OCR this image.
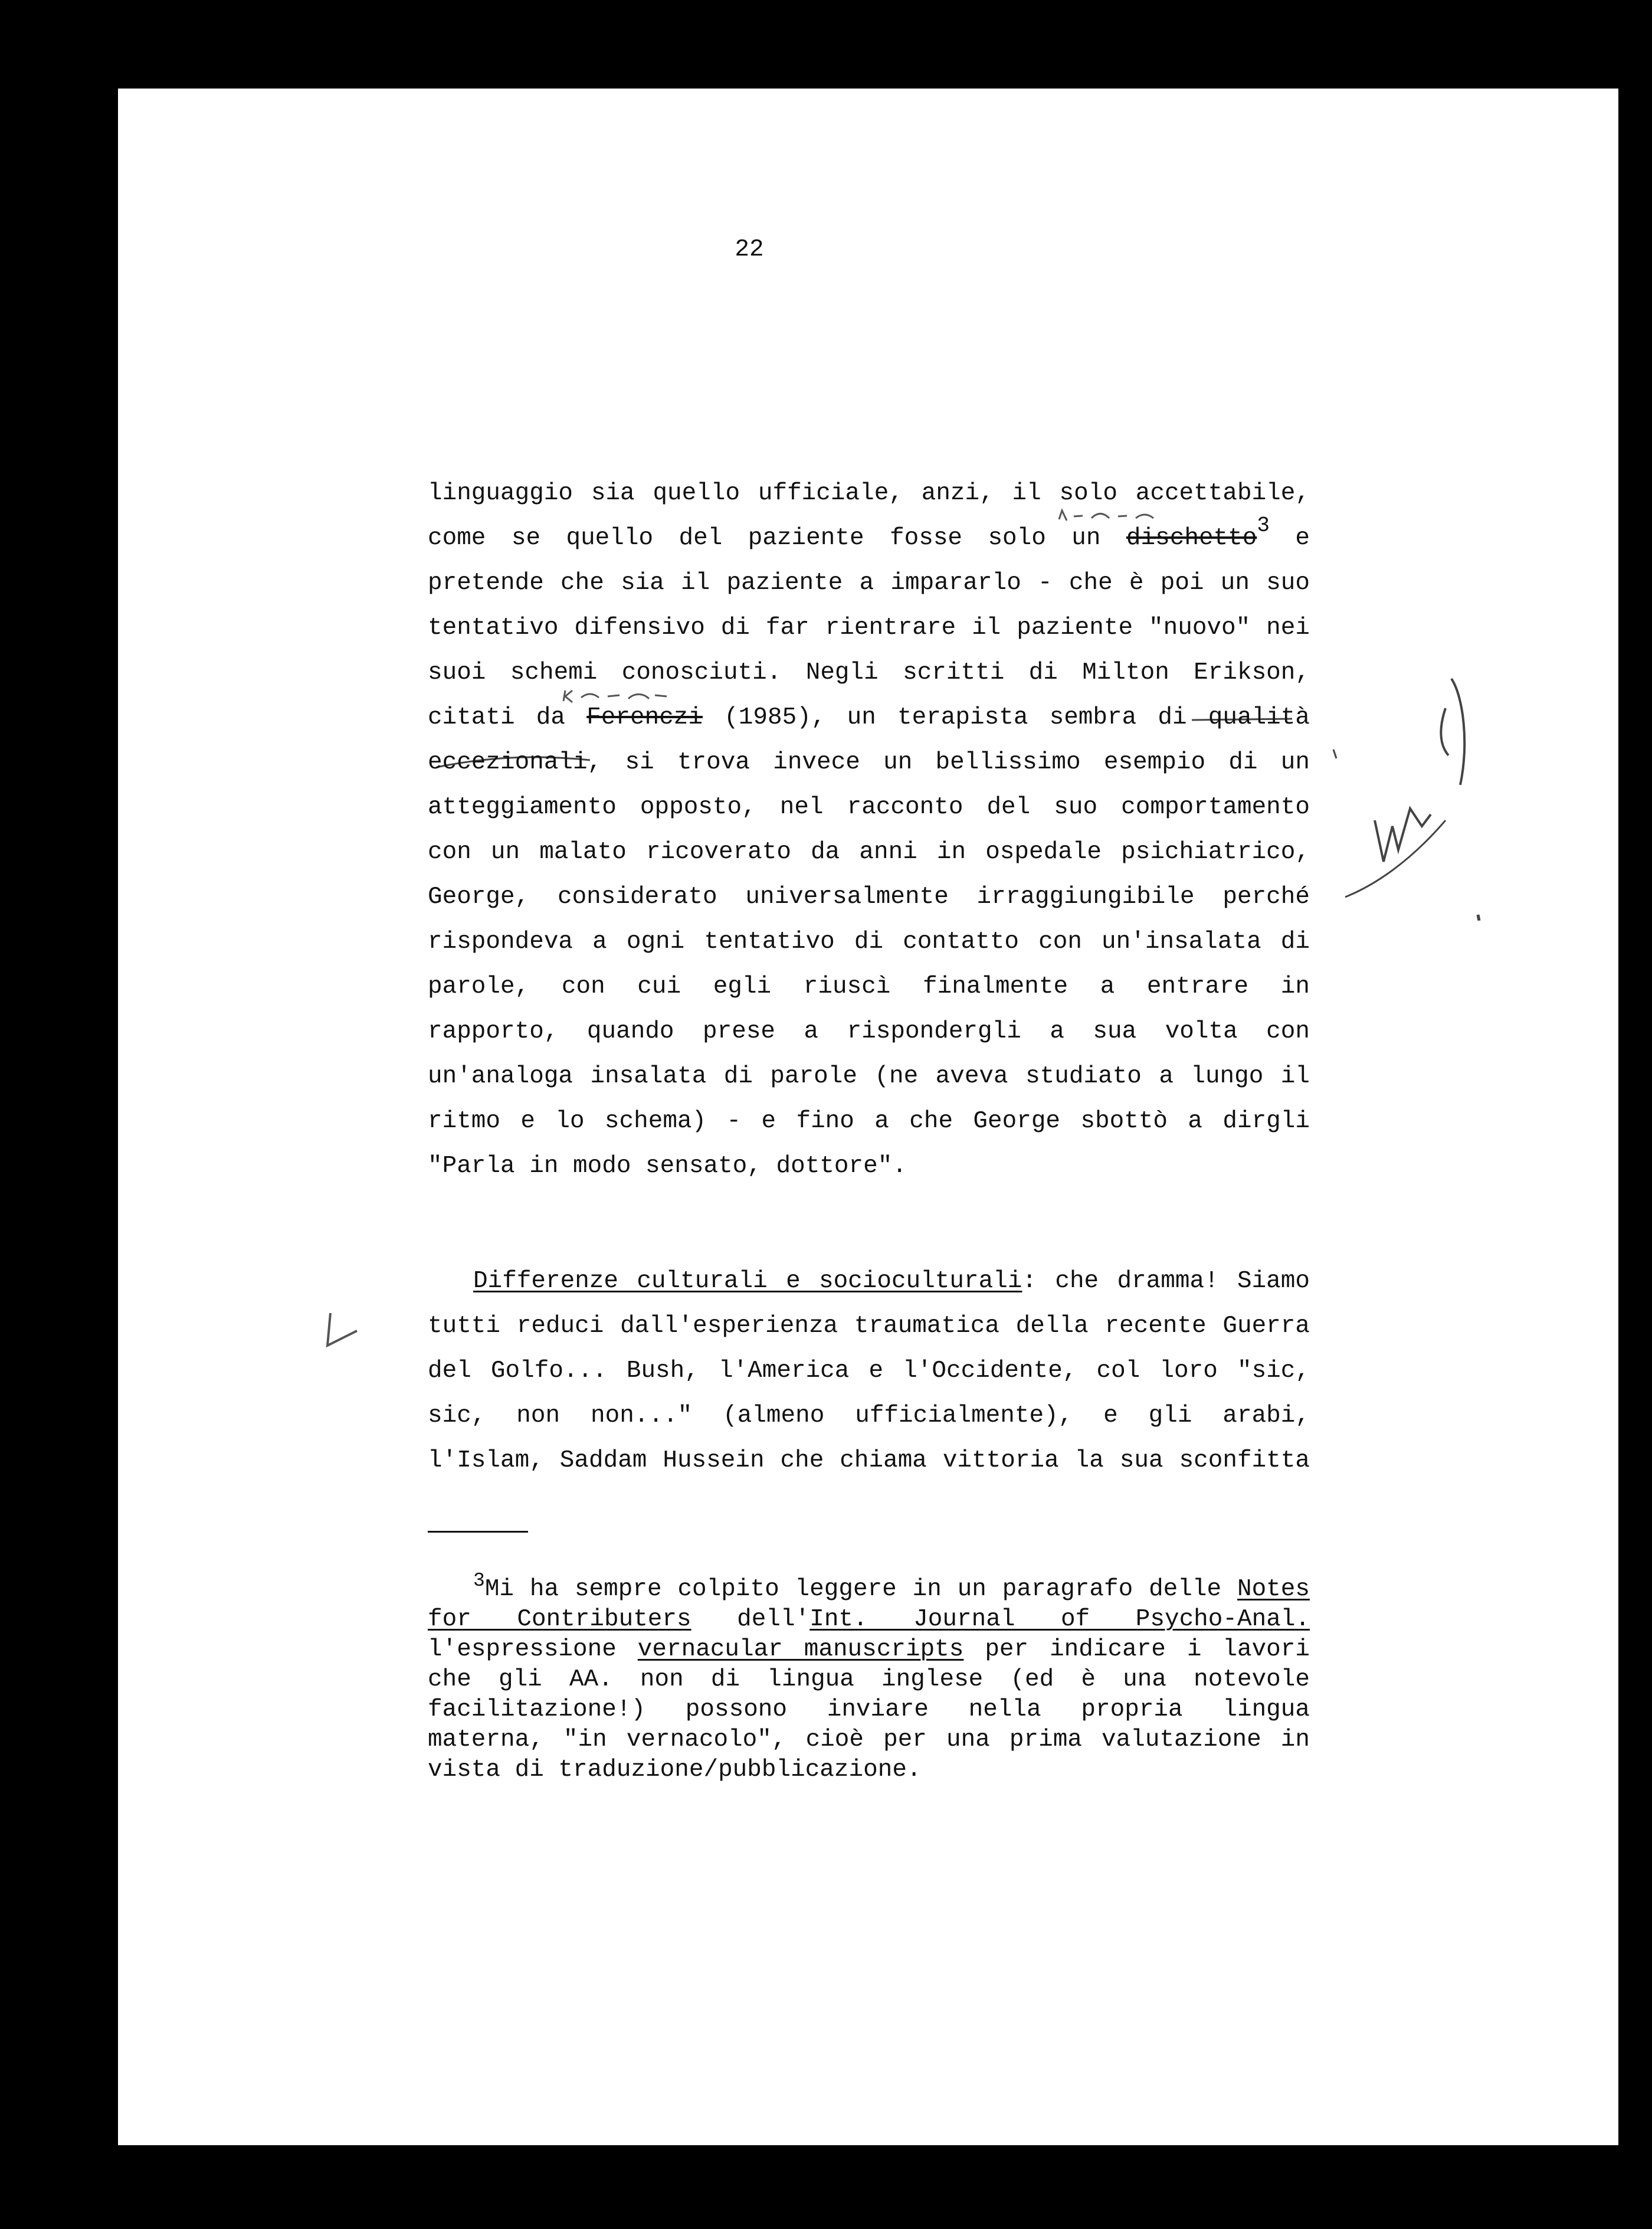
22
linguaggio sia quello ufficiale, anzi, il solo accettabile,
come se quello del paziente fosse solo un dischetto3 e
pretende che sia il paziente a impararlo - che è poi un suo
tentativo difensivo di far rientrare il paziente "nuovo" nei
suoi schemi conosciuti. Negli scritti di Milton Erikson,
citati da Ferenczi (1985), un terapista sembra di qualità
eccezionali, si trova invece un bellissimo esempio di un
atteggiamento opposto, nel racconto del suo comportamento
con un malato ricoverato da anni in ospedale psichiatrico,
George, considerato universalmente irraggiungibile perché
rispondeva a ogni tentativo di contatto con un'insalata di
parole, con cui egli riuscì finalmente a entrare in
rapporto, quando prese a rispondergli a sua volta con
un'analoga insalata di parole (ne aveva studiato a lungo il
ritmo e lo schema) - e fino a che George sbottò a dirgli
"Parla in modo sensato, dottore".
Differenze culturali e socioculturali: che dramma! Siamo
tutti reduci dall'esperienza traumatica della recente Guerra
del Golfo... Bush, l'America e l'Occidente, col loro "sic,
sic, non non..." (almeno ufficialmente), e gli arabi,
l'Islam, Saddam Hussein che chiama vittoria la sua sconfitta
$^3$Mi ha sempre colpito leggere in un paragrafo delle Notes
for Contributers dell'Int. Journal of Psycho-Anal.
l'espressione vernacular manuscripts per indicare i lavori
che gli AA. non di lingua inglese (ed è una notevole
facilitazione!) possono inviare nella propria lingua
materna, "in vernacolo", cioè per una prima valutazione in
vista di traduzione/pubblicazione.
